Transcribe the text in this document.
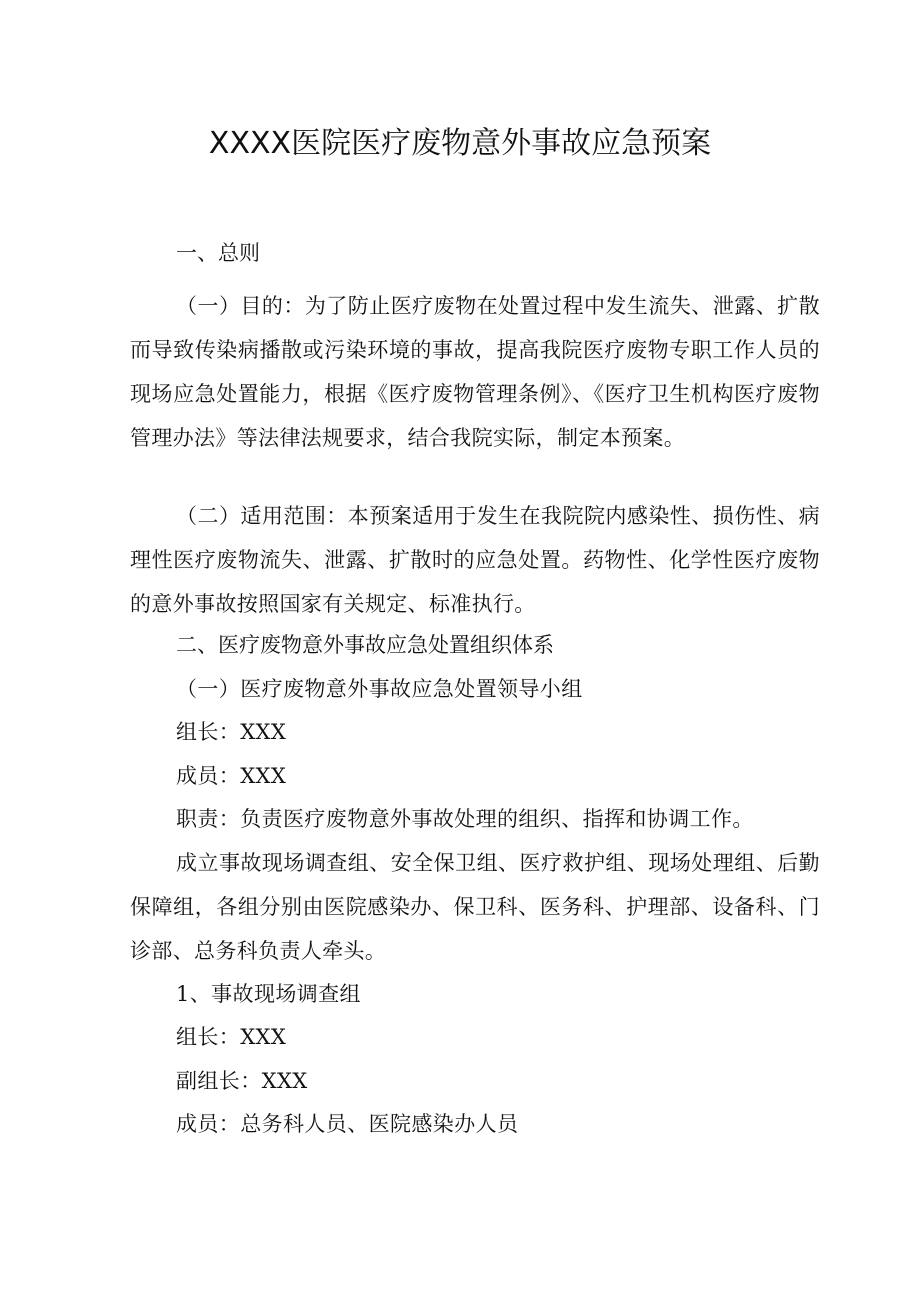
XXXX医院医疗废物意外事故应急预案
一、总则
（一）目的：为了防止医疗废物在处置过程中发生流失、泄露、扩散而导致传染病播散或污染环境的事故，提高我院医疗废物专职工作人员的现场应急处置能力，根据《医疗废物管理条例》、《医疗卫生机构医疗废物管理办法》等法律法规要求，结合我院实际，制定本预案。
（二）适用范围：本预案适用于发生在我院院内感染性、损伤性、病理性医疗废物流失、泄露、扩散时的应急处置。药物性、化学性医疗废物的意外事故按照国家有关规定、标准执行。
二、医疗废物意外事故应急处置组织体系
（一）医疗废物意外事故应急处置领导小组
组长：XXX
成员：XXX
职责：负责医疗废物意外事故处理的组织、指挥和协调工作。
成立事故现场调查组、安全保卫组、医疗救护组、现场处理组、后勤保障组，各组分别由医院感染办、保卫科、医务科、护理部、设备科、门诊部、总务科负责人牵头。
1、事故现场调查组
组长：XXX
副组长：XXX
成员：总务科人员、医院感染办人员
